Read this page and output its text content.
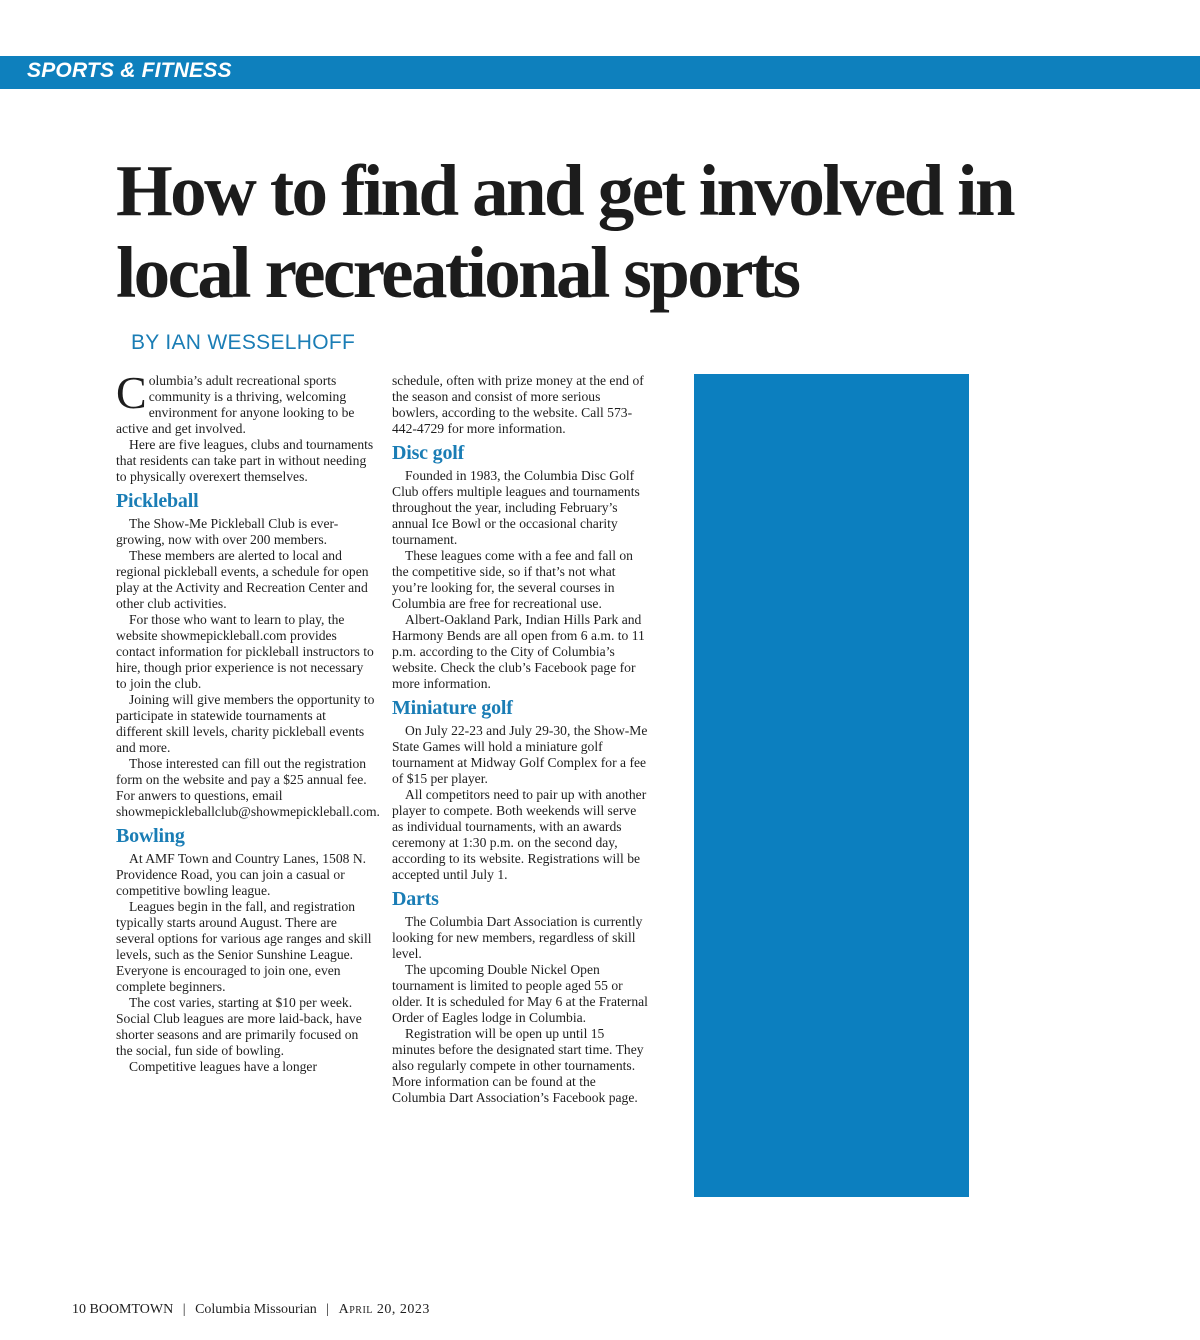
SPORTS & FITNESS
How to find and get involved in local recreational sports
BY IAN WESSELHOFF

Columbia’s adult recreational sports community is a thriving, welcoming environment for anyone looking to be active and get involved.

Here are five leagues, clubs and tournaments that residents can take part in without needing to physically overexert themselves.

Pickleball

The Show-Me Pickleball Club is ever-growing, now with over 200 members.

These members are alerted to local and regional pickleball events, a schedule for open play at the Activity and Recreation Center and other club activities.

For those who want to learn to play, the website showmepickleball.com provides contact information for pickleball instructors to hire, though prior experience is not necessary to join the club.

Joining will give members the opportunity to participate in statewide tournaments at different skill levels, charity pickleball events and more.

Those interested can fill out the registration form on the website and pay a $25 annual fee. For anwers to questions, email showmepickleballclub@showmepickleball.com.

Bowling

At AMF Town and Country Lanes, 1508 N. Providence Road, you can join a casual or competitive bowling league.

Leagues begin in the fall, and registration typically starts around August. There are several options for various age ranges and skill levels, such as the Senior Sunshine League. Everyone is encouraged to join one, even complete beginners.

The cost varies, starting at $10 per week. Social Club leagues are more laid-back, have shorter seasons and are primarily focused on the social, fun side of bowling.

Competitive leagues have a longer

schedule, often with prize money at the end of the season and consist of more serious bowlers, according to the website. Call 573-442-4729 for more information.

Disc golf

Founded in 1983, the Columbia Disc Golf Club offers multiple leagues and tournaments throughout the year, including February’s annual Ice Bowl or the occasional charity tournament.

These leagues come with a fee and fall on the competitive side, so if that’s not what you’re looking for, the several courses in Columbia are free for recreational use.

Albert-Oakland Park, Indian Hills Park and Harmony Bends are all open from 6 a.m. to 11 p.m. according to the City of Columbia’s website. Check the club’s Facebook page for more information.

Miniature golf

On July 22-23 and July 29-30, the Show-Me State Games will hold a miniature golf tournament at Midway Golf Complex for a fee of $15 per player.

All competitors need to pair up with another player to compete. Both weekends will serve as individual tournaments, with an awards ceremony at 1:30 p.m. on the second day, according to its website. Registrations will be accepted until July 1.

Darts

The Columbia Dart Association is currently looking for new members, regardless of skill level.

The upcoming Double Nickel Open tournament is limited to people aged 55 or older. It is scheduled for May 6 at the Fraternal Order of Eagles lodge in Columbia.

Registration will be open up until 15 minutes before the designated start time. They also regularly compete in other tournaments. More information can be found at the Columbia Dart Association’s Facebook page.

10 BOOMTOWN | Columbia Missourian | April 20, 2023
